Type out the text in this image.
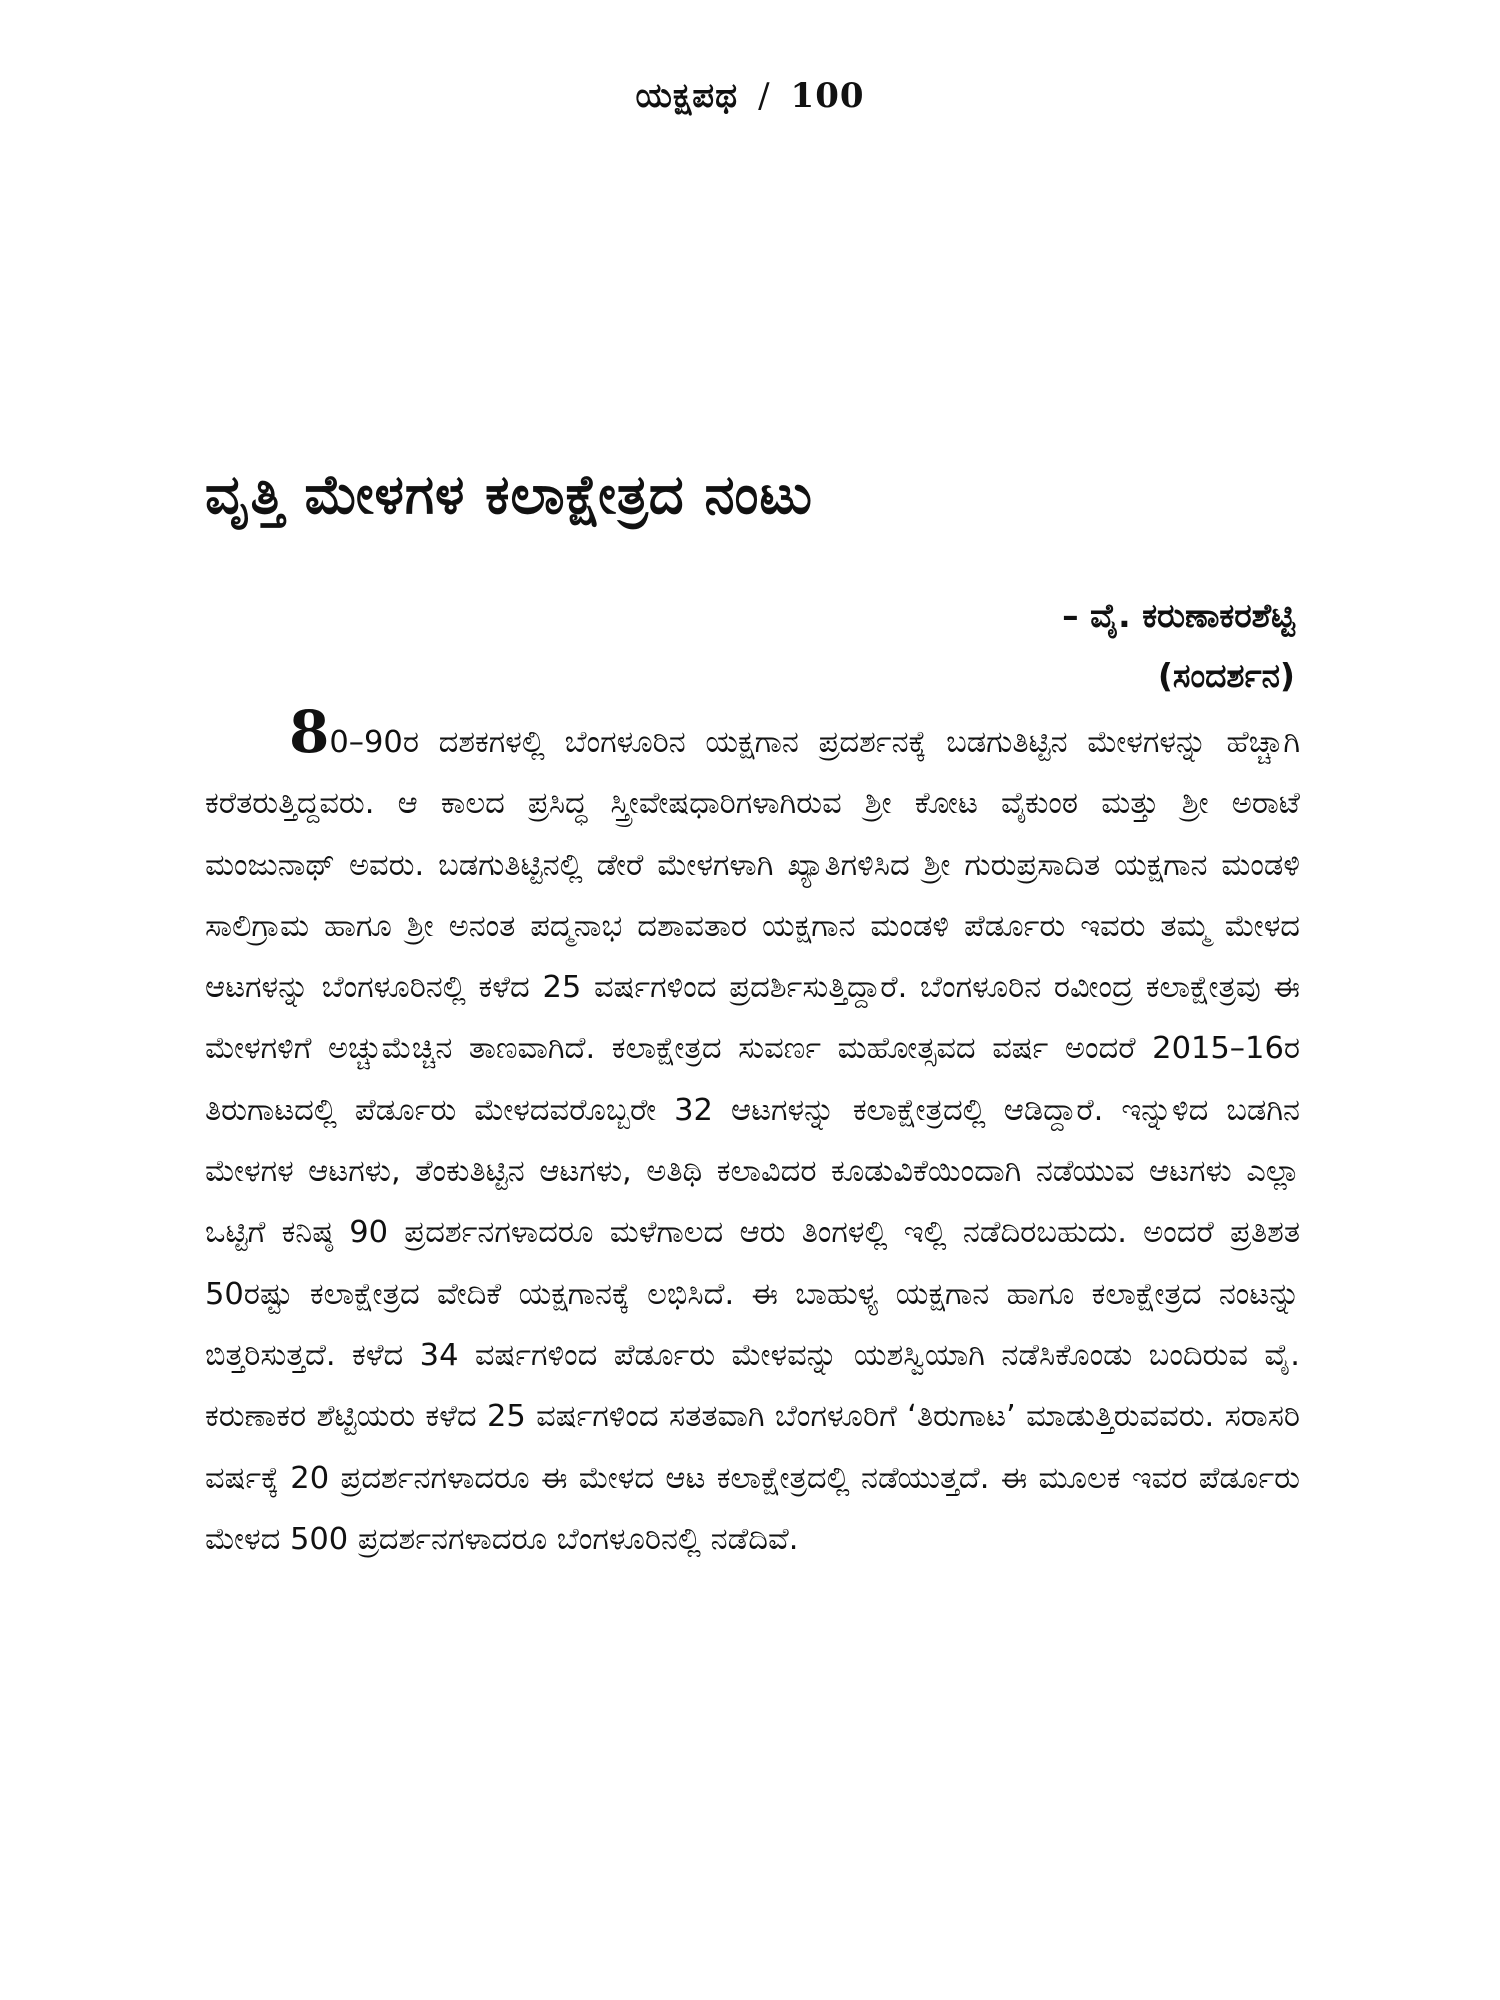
ಯಕ್ಷಪಥ / 100
ವೃತ್ತಿ ಮೇಳಗಳ ಕಲಾಕ್ಷೇತ್ರದ ನಂಟು
– ವೈ. ಕರುಣಾಕರಶೆಟ್ಟಿ
(ಸಂದರ್ಶನ)

80–90ರ ದಶಕಗಳಲ್ಲಿ ಬೆಂಗಳೂರಿನ ಯಕ್ಷಗಾನ ಪ್ರದರ್ಶನಕ್ಕೆ ಬಡಗುತಿಟ್ಟಿನ ಮೇಳಗಳನ್ನು ಹೆಚ್ಚಾಗಿ ಕರೆತರುತ್ತಿದ್ದವರು. ಆ ಕಾಲದ ಪ್ರಸಿದ್ಧ ಸ್ತ್ರೀವೇಷಧಾರಿಗಳಾಗಿರುವ ಶ್ರೀ ಕೋಟ ವೈಕುಂಠ ಮತ್ತು ಶ್ರೀ ಅರಾಟೆ ಮಂಜುನಾಥ್ ಅವರು. ಬಡಗುತಿಟ್ಟಿನಲ್ಲಿ ಡೇರೆ ಮೇಳಗಳಾಗಿ ಖ್ಯಾತಿಗಳಿಸಿದ ಶ್ರೀ ಗುರುಪ್ರಸಾದಿತ ಯಕ್ಷಗಾನ ಮಂಡಳಿ ಸಾಲಿಗ್ರಾಮ ಹಾಗೂ ಶ್ರೀ ಅನಂತ ಪದ್ಮನಾಭ ದಶಾವತಾರ ಯಕ್ಷಗಾನ ಮಂಡಳಿ ಪೆರ್ಡೂರು ಇವರು ತಮ್ಮ ಮೇಳದ ಆಟಗಳನ್ನು ಬೆಂಗಳೂರಿನಲ್ಲಿ ಕಳೆದ 25 ವರ್ಷಗಳಿಂದ ಪ್ರದರ್ಶಿಸುತ್ತಿದ್ದಾರೆ. ಬೆಂಗಳೂರಿನ ರವೀಂದ್ರ ಕಲಾಕ್ಷೇತ್ರವು ಈ ಮೇಳಗಳಿಗೆ ಅಚ್ಚುಮೆಚ್ಚಿನ ತಾಣವಾಗಿದೆ. ಕಲಾಕ್ಷೇತ್ರದ ಸುವರ್ಣ ಮಹೋತ್ಸವದ ವರ್ಷ ಅಂದರೆ 2015–16ರ ತಿರುಗಾಟದಲ್ಲಿ ಪೆರ್ಡೂರು ಮೇಳದವರೊಬ್ಬರೇ 32 ಆಟಗಳನ್ನು ಕಲಾಕ್ಷೇತ್ರದಲ್ಲಿ ಆಡಿದ್ದಾರೆ. ಇನ್ನುಳಿದ ಬಡಗಿನ ಮೇಳಗಳ ಆಟಗಳು, ತೆಂಕುತಿಟ್ಟಿನ ಆಟಗಳು, ಅತಿಥಿ ಕಲಾವಿದರ ಕೂಡುವಿಕೆಯಿಂದಾಗಿ ನಡೆಯುವ ಆಟಗಳು ಎಲ್ಲಾ ಒಟ್ಟಿಗೆ ಕನಿಷ್ಠ 90 ಪ್ರದರ್ಶನಗಳಾದರೂ ಮಳೆಗಾಲದ ಆರು ತಿಂಗಳಲ್ಲಿ ಇಲ್ಲಿ ನಡೆದಿರಬಹುದು. ಅಂದರೆ ಪ್ರತಿಶತ 50ರಷ್ಟು ಕಲಾಕ್ಷೇತ್ರದ ವೇದಿಕೆ ಯಕ್ಷಗಾನಕ್ಕೆ ಲಭಿಸಿದೆ. ಈ ಬಾಹುಳ್ಯ ಯಕ್ಷಗಾನ ಹಾಗೂ ಕಲಾಕ್ಷೇತ್ರದ ನಂಟನ್ನು ಬಿತ್ತರಿಸುತ್ತದೆ. ಕಳೆದ 34 ವರ್ಷಗಳಿಂದ ಪೆರ್ಡೂರು ಮೇಳವನ್ನು ಯಶಸ್ವಿಯಾಗಿ ನಡೆಸಿಕೊಂಡು ಬಂದಿರುವ ವೈ. ಕರುಣಾಕರ ಶೆಟ್ಟಿಯರು ಕಳೆದ 25 ವರ್ಷಗಳಿಂದ ಸತತವಾಗಿ ಬೆಂಗಳೂರಿಗೆ ‘ತಿರುಗಾಟ’ ಮಾಡುತ್ತಿರುವವರು. ಸರಾಸರಿ ವರ್ಷಕ್ಕೆ 20 ಪ್ರದರ್ಶನಗಳಾದರೂ ಈ ಮೇಳದ ಆಟ ಕಲಾಕ್ಷೇತ್ರದಲ್ಲಿ ನಡೆಯುತ್ತದೆ. ಈ ಮೂಲಕ ಇವರ ಪೆರ್ಡೂರು ಮೇಳದ 500 ಪ್ರದರ್ಶನಗಳಾದರೂ ಬೆಂಗಳೂರಿನಲ್ಲಿ ನಡೆದಿವೆ.
